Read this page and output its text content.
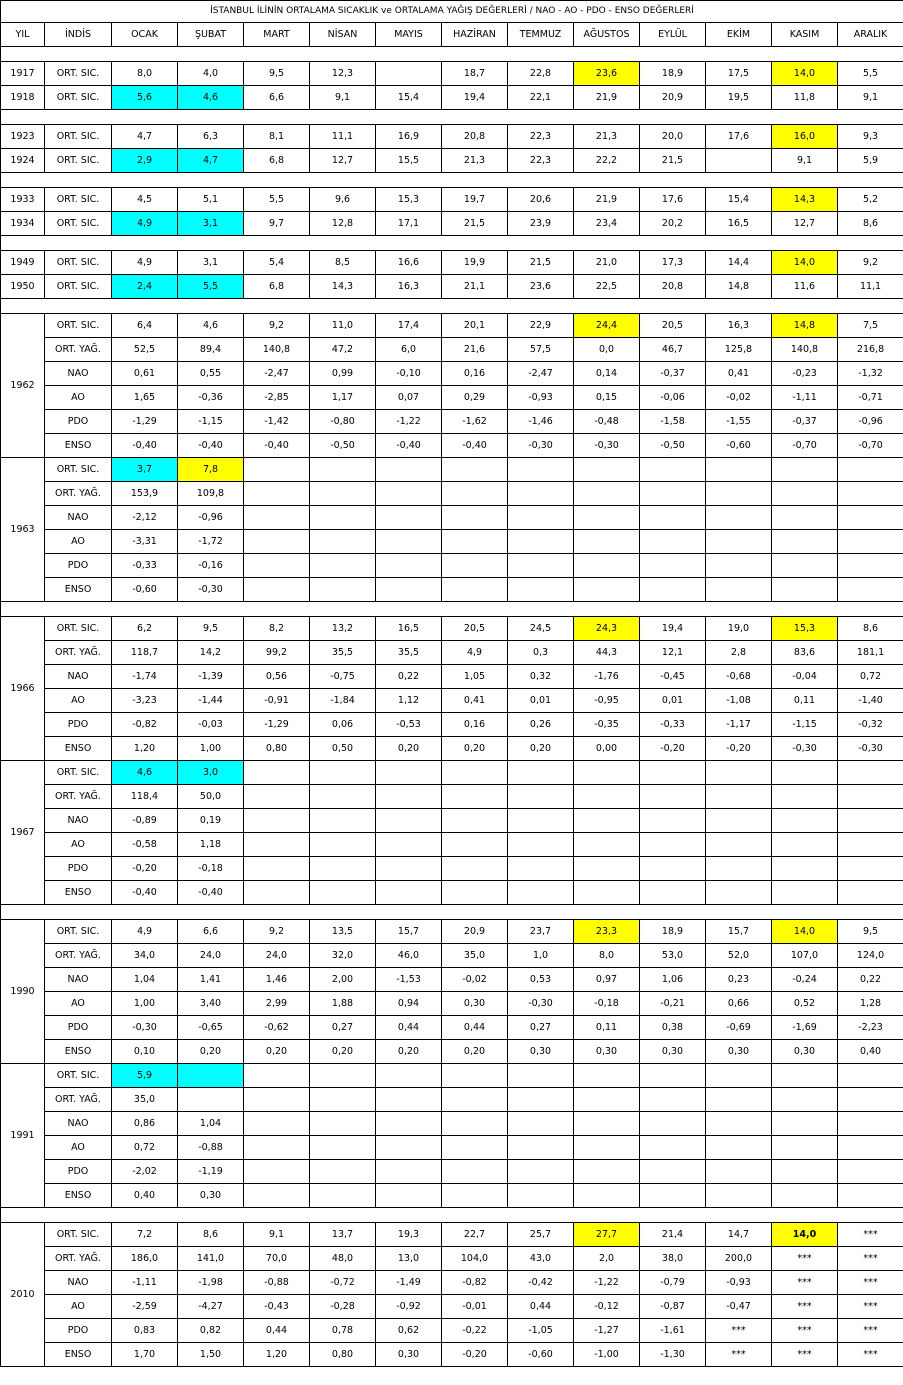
İSTANBUL İLİNİN ORTALAMA SICAKLIK ve ORTALAMA YAĞIŞ DEĞERLERİ / NAO - AO - PDO - ENSO DEĞERLERİ													
YIL	İNDİS	OCAK	ŞUBAT	MART	NİSAN	MAYIS	HAZİRAN	TEMMUZ	AĞUSTOS	EYLÜL	EKİM	KASIM	ARALIK

1917	ORT. SIC.	8,0	4,0	9,5	12,3		18,7	22,8	23,6	18,9	17,5	14,0	5,5
1918	ORT. SIC.	5,6	4,6	6,6	9,1	15,4	19,4	22,1	21,9	20,9	19,5	11,8	9,1

1923	ORT. SIC.	4,7	6,3	8,1	11,1	16,9	20,8	22,3	21,3	20,0	17,6	16,0	9,3
1924	ORT. SIC.	2,9	4,7	6,8	12,7	15,5	21,3	22,3	22,2	21,5		9,1	5,9

1933	ORT. SIC.	4,5	5,1	5,5	9,6	15,3	19,7	20,6	21,9	17,6	15,4	14,3	5,2
1934	ORT. SIC.	4,9	3,1	9,7	12,8	17,1	21,5	23,9	23,4	20,2	16,5	12,7	8,6

1949	ORT. SIC.	4,9	3,1	5,4	8,5	16,6	19,9	21,5	21,0	17,3	14,4	14,0	9,2
1950	ORT. SIC.	2,4	5,5	6,8	14,3	16,3	21,1	23,6	22,5	20,8	14,8	11,6	11,1

1962	ORT. SIC.	6,4	4,6	9,2	11,0	17,4	20,1	22,9	24,4	20,5	16,3	14,8	7,5
	ORT. YAĞ.	52,5	89,4	140,8	47,2	6,0	21,6	57,5	0,0	46,7	125,8	140,8	216,8
	NAO	0,61	0,55	-2,47	0,99	-0,10	0,16	-2,47	0,14	-0,37	0,41	-0,23	-1,32
	AO	1,65	-0,36	-2,85	1,17	0,07	0,29	-0,93	0,15	-0,06	-0,02	-1,11	-0,71
	PDO	-1,29	-1,15	-1,42	-0,80	-1,22	-1,62	-1,46	-0,48	-1,58	-1,55	-0,37	-0,96
	ENSO	-0,40	-0,40	-0,40	-0,50	-0,40	-0,40	-0,30	-0,30	-0,50	-0,60	-0,70	-0,70
1963	ORT. SIC.	3,7	7,8										
	ORT. YAĞ.	153,9	109,8										
	NAO	-2,12	-0,96										
	AO	-3,31	-1,72										
	PDO	-0,33	-0,16										
	ENSO	-0,60	-0,30										

1966	ORT. SIC.	6,2	9,5	8,2	13,2	16,5	20,5	24,5	24,3	19,4	19,0	15,3	8,6
	ORT. YAĞ.	118,7	14,2	99,2	35,5	35,5	4,9	0,3	44,3	12,1	2,8	83,6	181,1
	NAO	-1,74	-1,39	0,56	-0,75	0,22	1,05	0,32	-1,76	-0,45	-0,68	-0,04	0,72
	AO	-3,23	-1,44	-0,91	-1,84	1,12	0,41	0,01	-0,95	0,01	-1,08	0,11	-1,40
	PDO	-0,82	-0,03	-1,29	0,06	-0,53	0,16	0,26	-0,35	-0,33	-1,17	-1,15	-0,32
	ENSO	1,20	1,00	0,80	0,50	0,20	0,20	0,20	0,00	-0,20	-0,20	-0,30	-0,30
1967	ORT. SIC.	4,6	3,0										
	ORT. YAĞ.	118,4	50,0										
	NAO	-0,89	0,19										
	AO	-0,58	1,18										
	PDO	-0,20	-0,18										
	ENSO	-0,40	-0,40										

1990	ORT. SIC.	4,9	6,6	9,2	13,5	15,7	20,9	23,7	23,3	18,9	15,7	14,0	9,5
	ORT. YAĞ.	34,0	24,0	24,0	32,0	46,0	35,0	1,0	8,0	53,0	52,0	107,0	124,0
	NAO	1,04	1,41	1,46	2,00	-1,53	-0,02	0,53	0,97	1,06	0,23	-0,24	0,22
	AO	1,00	3,40	2,99	1,88	0,94	0,30	-0,30	-0,18	-0,21	0,66	0,52	1,28
	PDO	-0,30	-0,65	-0,62	0,27	0,44	0,44	0,27	0,11	0,38	-0,69	-1,69	-2,23
	ENSO	0,10	0,20	0,20	0,20	0,20	0,20	0,30	0,30	0,30	0,30	0,30	0,40
1991	ORT. SIC.	5,9											
	ORT. YAĞ.	35,0											
	NAO	0,86	1,04										
	AO	0,72	-0,88										
	PDO	-2,02	-1,19										
	ENSO	0,40	0,30										

2010	ORT. SIC.	7,2	8,6	9,1	13,7	19,3	22,7	25,7	27,7	21,4	14,7	14,0	***
	ORT. YAĞ.	186,0	141,0	70,0	48,0	13,0	104,0	43,0	2,0	38,0	200,0	***	***
	NAO	-1,11	-1,98	-0,88	-0,72	-1,49	-0,82	-0,42	-1,22	-0,79	-0,93	***	***
	AO	-2,59	-4,27	-0,43	-0,28	-0,92	-0,01	0,44	-0,12	-0,87	-0,47	***	***
	PDO	0,83	0,82	0,44	0,78	0,62	-0,22	-1,05	-1,27	-1,61	***	***	***
	ENSO	1,70	1,50	1,20	0,80	0,30	-0,20	-0,60	-1,00	-1,30	***	***	***
